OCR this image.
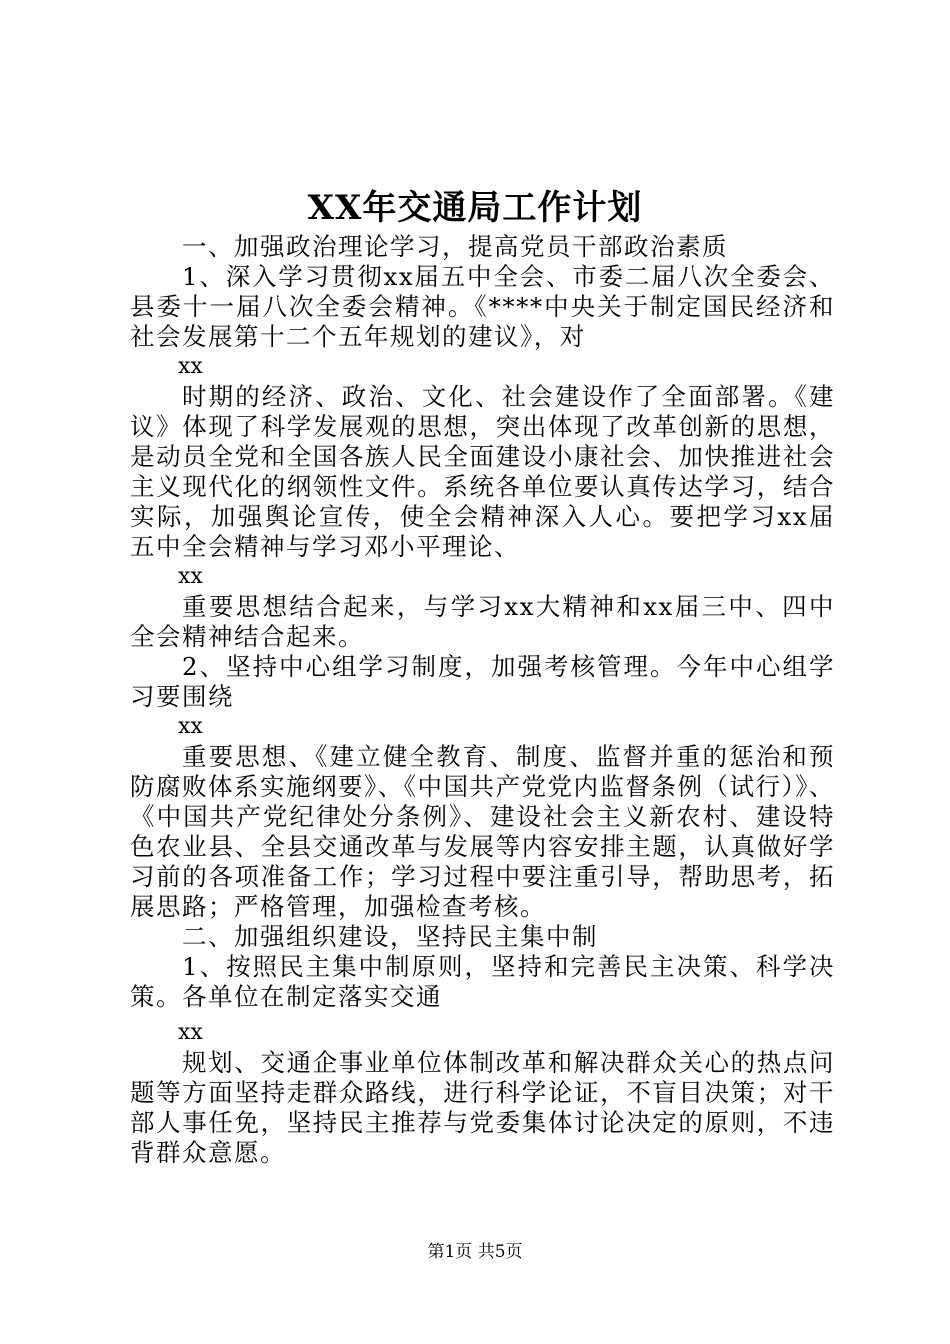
XX年交通局工作计划

一、加强政治理论学习，提高党员干部政治素质

1、深入学习贯彻xx届五中全会、市委二届八次全委会、县委十一届八次全委会精神。《****中央关于制定国民经济和社会发展第十二个五年规划的建议》，对

xx

时期的经济、政治、文化、社会建设作了全面部署。《建议》体现了科学发展观的思想，突出体现了改革创新的思想，是动员全党和全国各族人民全面建设小康社会、加快推进社会主义现代化的纲领性文件。系统各单位要认真传达学习，结合实际，加强舆论宣传，使全会精神深入人心。要把学习xx届五中全会精神与学习邓小平理论、

xx

重要思想结合起来，与学习xx大精神和xx届三中、四中全会精神结合起来。

2、坚持中心组学习制度，加强考核管理。今年中心组学习要围绕

xx

重要思想、《建立健全教育、制度、监督并重的惩治和预防腐败体系实施纲要》、《中国共产党党内监督条例（试行）》、《中国共产党纪律处分条例》、建设社会主义新农村、建设特色农业县、全县交通改革与发展等内容安排主题，认真做好学习前的各项准备工作；学习过程中要注重引导，帮助思考，拓展思路；严格管理，加强检查考核。

二、加强组织建设，坚持民主集中制

1、按照民主集中制原则，坚持和完善民主决策、科学决策。各单位在制定落实交通

xx

规划、交通企事业单位体制改革和解决群众关心的热点问题等方面坚持走群众路线，进行科学论证，不盲目决策；对干部人事任免，坚持民主推荐与党委集体讨论决定的原则，不违背群众意愿。

第1页 共5页
